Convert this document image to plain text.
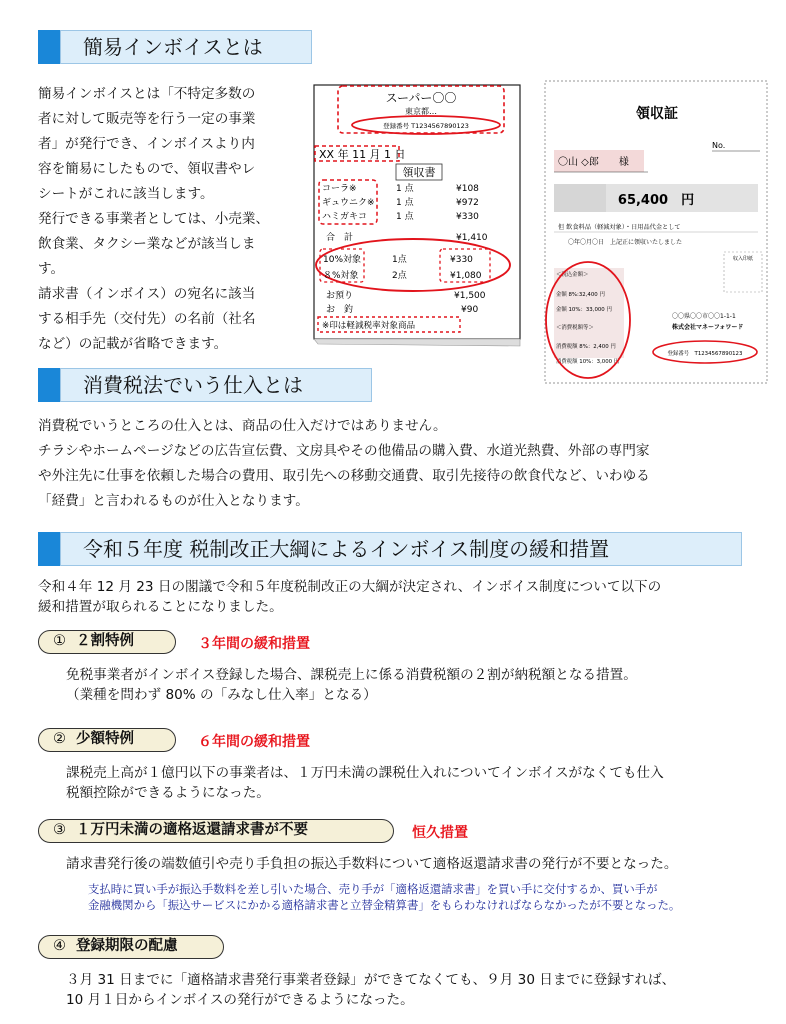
簡易インボイスとは

簡易インボイスとは「不特定多数の

者に対して販売等を行う一定の事業

者」が発行でき、インボイスより内

容を簡易にしたもので、領収書やレ

シートがこれに該当します。

発行できる事業者としては、小売業、

飲食業、タクシー業などが該当しま

す。

請求書（インボイス）の宛名に該当

する相手先（交付先）の名前（社名

など）の記載が省略できます。

スーパー〇〇
東京都…
登録番号 T1234567890123
XX 年 11 月 1 日
領収書
コーラ※	1 点	¥108
ギュウニク※ 1 点	¥972
ハミガキコ	1 点	¥330
合　計	¥1,410
10%対象	1点	¥330
８%対象	2点	¥1,080
お預り	¥1,500
お　釣	¥90
※印は軽減税率対象商品
領収証
No.
〇山 ◇郎　　様
65,400　円
但 飲食料品（軽減対象）・日用品代金として
〇年〇月〇日　上記正に領収いたしました
収入印紙
＜税込金額＞
金額 8%:32,400 円
金額 10%：33,000 円
＜消費税額等＞
消費税額 8%：2,400 円
消費税額 10%：3,000 円
〇〇県〇〇市〇〇1-1-1
株式会社マネーフォワード
登録番号　T1234567890123
消費税法でいう仕入とは
消費税でいうところの仕入とは、商品の仕入だけではありません。
チラシやホームページなどの広告宣伝費、文房具やその他備品の購入費、水道光熱費、外部の専門家
や外注先に仕事を依頼した場合の費用、取引先への移動交通費、取引先接待の飲食代など、いわゆる
「経費」と言われるものが仕入となります。
令和５年度 税制改正大綱によるインボイス制度の緩和措置
令和４年 12 月 23 日の閣議で令和５年度税制改正の大綱が決定され、インボイス制度について以下の
緩和措置が取られることになりました。
① ２割特例	３年間の緩和措置
免税事業者がインボイス登録した場合、課税売上に係る消費税額の２割が納税額となる措置。
（業種を問わず 80% の「みなし仕入率」となる）
② 少額特例	６年間の緩和措置
課税売上高が１億円以下の事業者は、１万円未満の課税仕入れについてインボイスがなくても仕入
税額控除ができるようになった。
③ １万円未満の適格返還請求書が不要	恒久措置
請求書発行後の端数値引や売り手負担の振込手数料について適格返還請求書の発行が不要となった。
支払時に買い手が振込手数料を差し引いた場合、売り手が「適格返還請求書」を買い手に交付するか、買い手が
金融機関から「振込サービスにかかる適格請求書と立替金精算書」をもらわなければならなかったが不要となった。
④ 登録期限の配慮
３月 31 日までに「適格請求書発行事業者登録」ができてなくても、９月 30 日までに登録すれば、
10 月１日からインボイスの発行ができるようになった。
